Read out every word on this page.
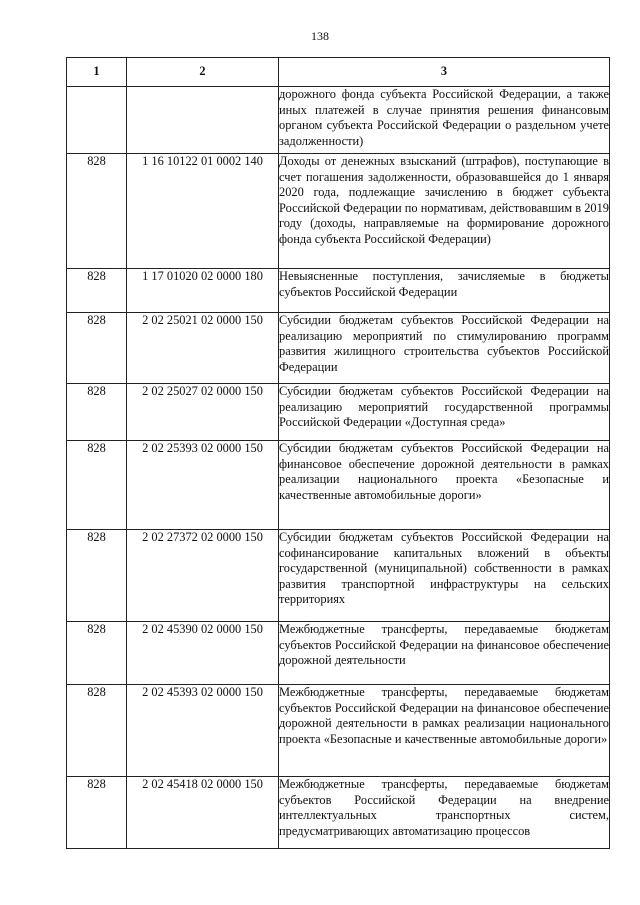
138
1	2	3

		дорожного фонда субъекта Российской Федерации, а также иных платежей в случае принятия решения финансовым органом субъекта Российской Федерации о раздельном учете задолженности)

828	1 16 10122 01 0002 140	Доходы от денежных взысканий (штрафов), поступающие в счет погашения задолженности, образовавшейся до 1 января 2020 года, подлежащие зачислению в бюджет субъекта Российской Федерации по нормативам, действовавшим в 2019 году (доходы, направляемые на формирование дорожного фонда субъекта Российской Федерации)

828	1 17 01020 02 0000 180	Невыясненные поступления, зачисляемые в бюджеты субъектов Российской Федерации

828	2 02 25021 02 0000 150	Субсидии бюджетам субъектов Российской Федерации на реализацию мероприятий по стимулированию программ развития жилищного строительства субъектов Российской Федерации

828	2 02 25027 02 0000 150	Субсидии бюджетам субъектов Российской Федерации на реализацию мероприятий государственной программы Российской Федерации «Доступная среда»

828	2 02 25393 02 0000 150	Субсидии бюджетам субъектов Российской Федерации на финансовое обеспечение дорожной деятельности в рамках реализации национального проекта «Безопасные и качественные автомобильные дороги»

828	2 02 27372 02 0000 150	Субсидии бюджетам субъектов Российской Федерации на софинансирование капитальных вложений в объекты государственной (муниципальной) собственности в рамках развития транспортной инфраструктуры на сельских территориях

828	2 02 45390 02 0000 150	Межбюджетные трансферты, передаваемые бюджетам субъектов Российской Федерации на финансовое обеспечение дорожной деятельности

828	2 02 45393 02 0000 150	Межбюджетные трансферты, передаваемые бюджетам субъектов Российской Федерации на финансовое обеспечение дорожной деятельности в рамках реализации национального проекта «Безопасные и качественные автомобильные дороги»

828	2 02 45418 02 0000 150	Межбюджетные трансферты, передаваемые бюджетам субъектов Российской Федерации на внедрение интеллектуальных транспортных систем, предусматривающих автоматизацию процессов
